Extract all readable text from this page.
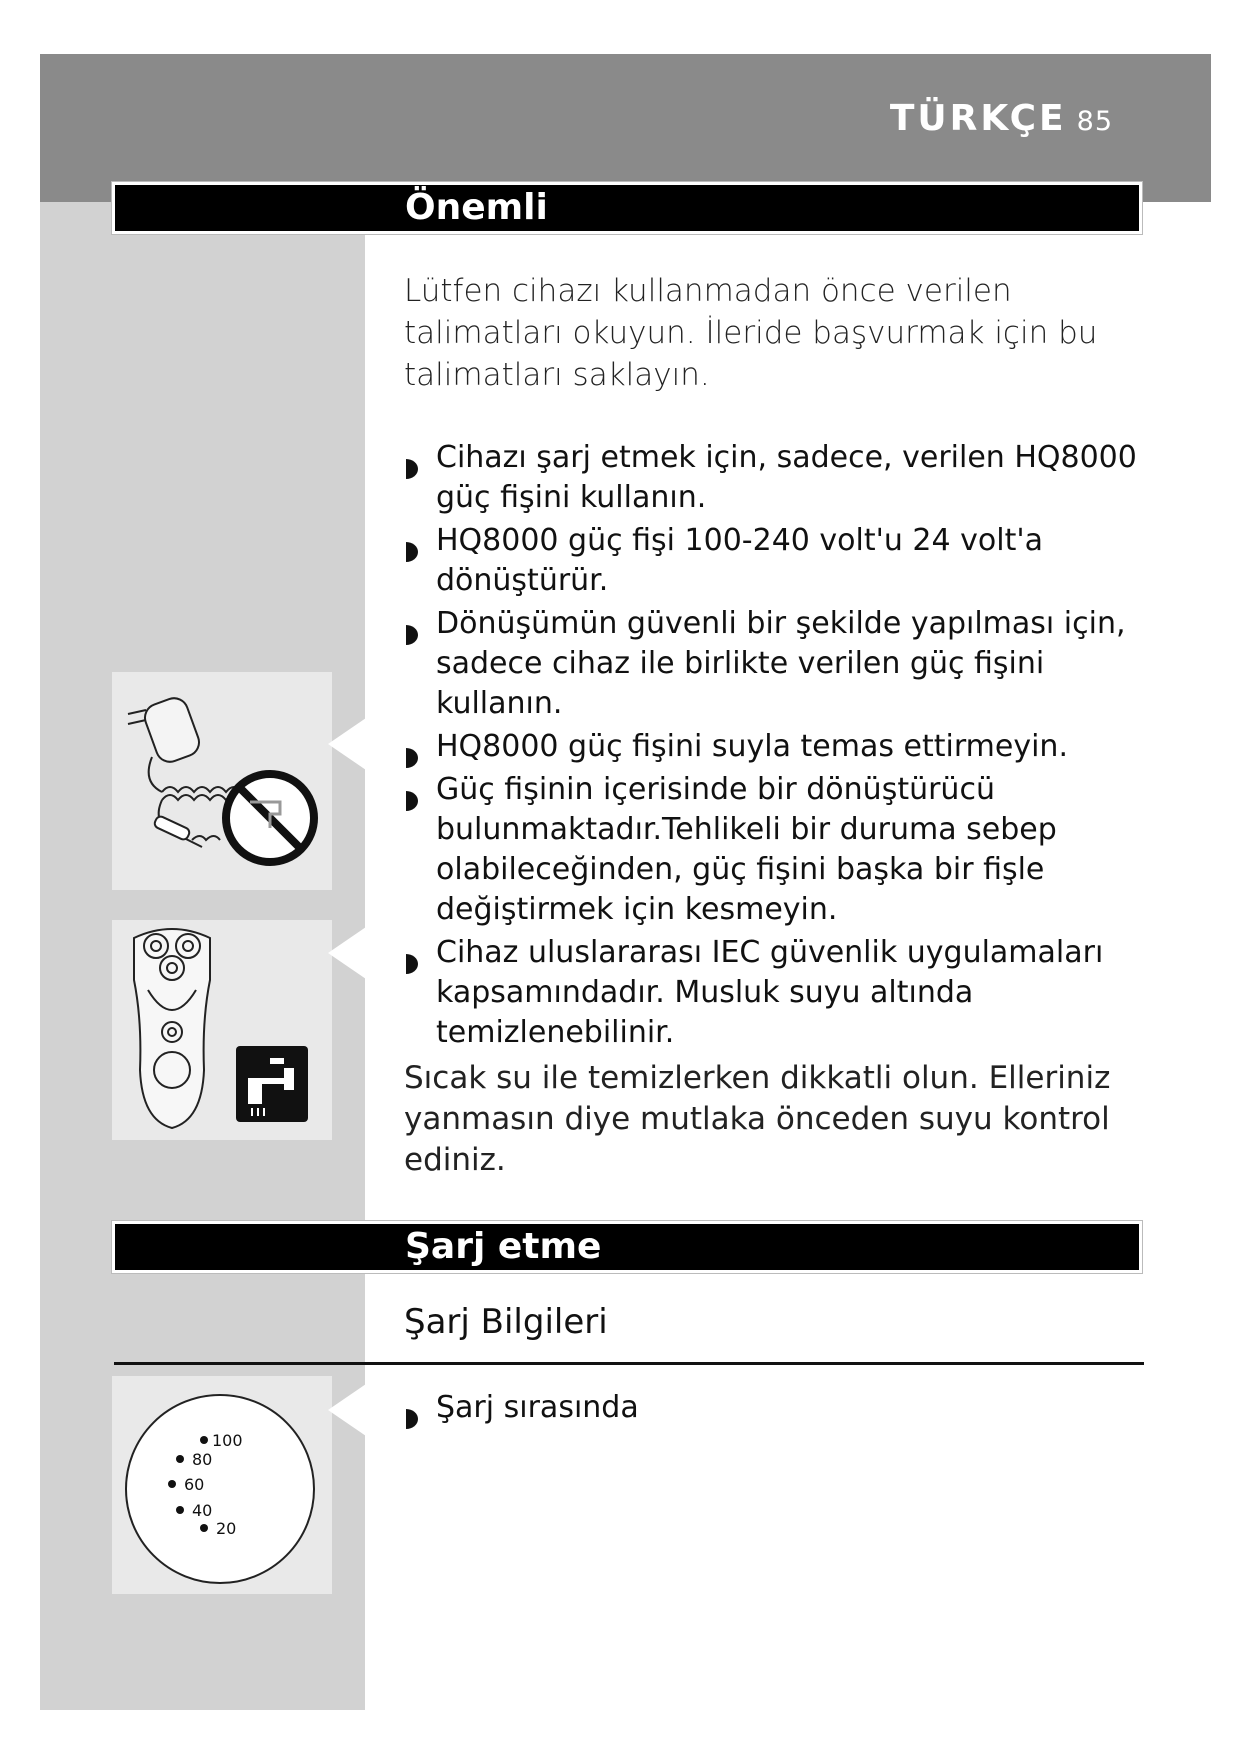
TÜRKÇE 85
Önemli
Lütfen cihazı kullanmadan önce verilen talimatları okuyun. İleride başvurmak için bu talimatları saklayın.
Cihazı şarj etmek için, sadece, verilen HQ8000 güç fişini kullanın.
HQ8000 güç fişi 100-240 volt'u 24 volt'a dönüştürür.
Dönüşümün güvenli bir şekilde yapılması için, sadece cihaz ile birlikte verilen güç fişini kullanın.
HQ8000 güç fişini suyla temas ettirmeyin.
Güç fişinin içerisinde bir dönüştürücü bulunmaktadır.Tehlikeli bir duruma sebep olabileceğinden, güç fişini başka bir fişle değiştirmek için kesmeyin.
Cihaz uluslararası IEC güvenlik uygulamaları kapsamındadır. Musluk suyu altında temizlenebilinir.
Sıcak su ile temizlerken dikkatli olun. Elleriniz yanmasın diye mutlaka önceden suyu kontrol ediniz.
Şarj etme
Şarj Bilgileri
Şarj sırasında
100
80
60
40
20
